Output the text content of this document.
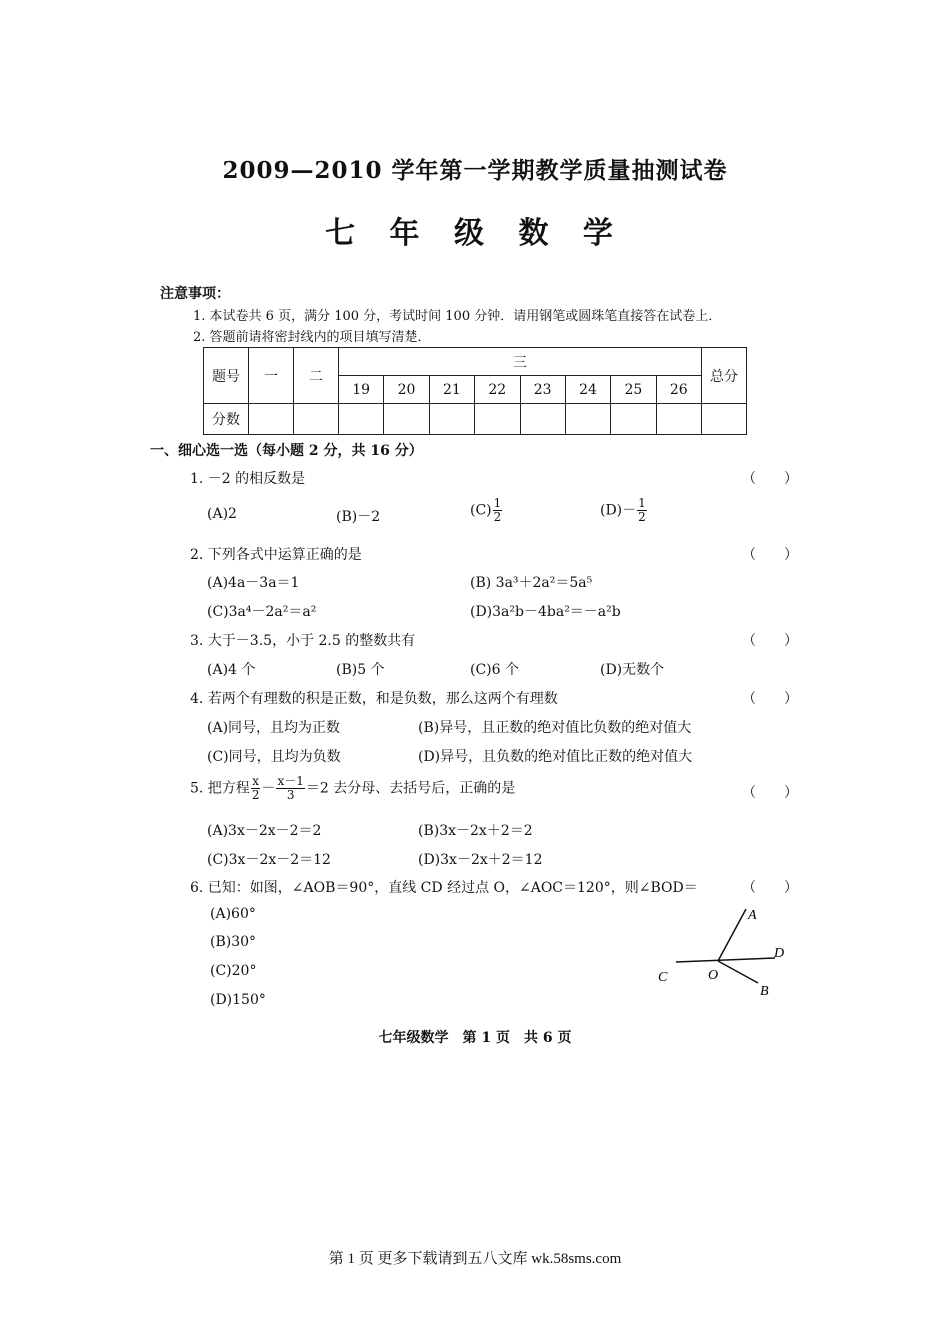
2009—2010 学年第一学期教学质量抽测试卷
七 年 级 数 学
注意事项：
1. 本试卷共 6 页，满分 100 分，考试时间 100 分钟．请用钢笔或圆珠笔直接答在试卷上．
2. 答题前请将密封线内的项目填写清楚．
题号	一	二	三								总分
			19	20	21	22	23	24	25	26	
分数											
一、细心选一选（每小题 2 分，共 16 分）
1. －2 的相反数是	（　　）
(A)2	(B)－2	$(C) \frac{1}{2}$	$(D)- \frac{1}{2}$
2. 下列各式中运算正确的是	（　　）
(A)4a－3a＝1	(B) 3a³＋2a²＝5a⁵
(C)3a⁴－2a²＝a²	(D)3a²b－4ba²＝－a²b
3. 大于－3.5，小于 2.5 的整数共有	（　　）
(A)4 个	(B)5 个	(C)6 个	(D)无数个
4. 若两个有理数的积是正数，和是负数，那么这两个有理数	（　　）
(A)同号，且均为正数	(B)异号，且正数的绝对值比负数的绝对值大
(C)同号，且均为负数	(D)异号，且负数的绝对值比正数的绝对值大
5. 把方程 $\frac{x}{2} - \frac{x-1}{3} =2$ 去分母、去括号后，正确的是	（　　）
(A)3x－2x－2＝2	(B)3x－2x＋2＝2
(C)3x－2x－2＝12	(D)3x－2x＋2＝12
6. 已知：如图，∠AOB＝90°，直线 CD 经过点 O，∠AOC＝120°，则∠BOD＝	（　　）
(A)60°
(B)30°
(C)20°
(D)150°
A
B
C
D
O
七年级数学　第 1 页　共 6 页
第 1 页 更多下载请到五八文库 wk.58sms.com
